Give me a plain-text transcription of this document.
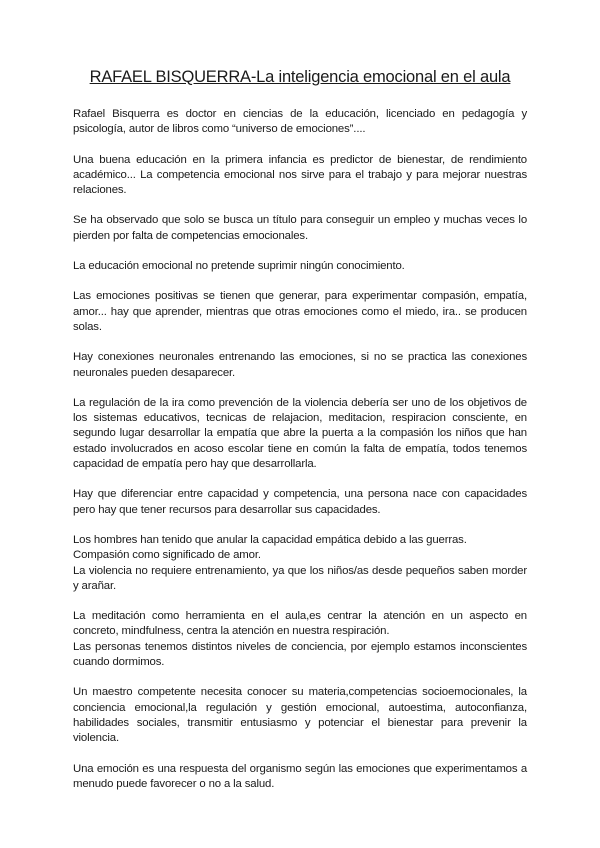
RAFAEL BISQUERRA-La inteligencia emocional en el aula

Rafael Bisquerra es doctor en ciencias de la educación, licenciado en pedagogía y psicología, autor de libros como “universo de emociones”....

Una buena educación en la primera infancia es predictor de bienestar, de rendimiento académico... La competencia emocional nos sirve para el trabajo y para mejorar nuestras relaciones.

Se ha observado que solo se busca un título para conseguir un empleo y muchas veces lo pierden por falta de competencias emocionales.

La educación emocional no pretende suprimir ningún conocimiento.

Las emociones positivas se tienen que generar, para experimentar compasión, empatía, amor... hay que aprender, mientras que otras emociones como el miedo, ira.. se producen solas.

Hay conexiones neuronales entrenando las emociones, si no se practica las conexiones neuronales pueden desaparecer.

La regulación de la ira como prevención de la violencia debería ser uno de los objetivos de los sistemas educativos, tecnicas de relajacion, meditacion, respiracion consciente, en segundo lugar desarrollar la empatía que abre la puerta a la compasión los niños que han estado involucrados en acoso escolar tiene en común la falta de empatía, todos tenemos capacidad de empatía pero hay que desarrollarla.

Hay que diferenciar entre capacidad y competencia, una persona nace con capacidades pero hay que tener recursos para desarrollar sus capacidades.

Los hombres han tenido que anular la capacidad empática debido a las guerras.

Compasión como significado de amor.

La violencia no requiere entrenamiento, ya que los niños/as desde pequeños saben morder y arañar.

La meditación como herramienta en el aula,es centrar la atención en un aspecto en concreto, mindfulness, centra la atención en nuestra respiración.

Las personas tenemos distintos niveles de conciencia, por ejemplo estamos inconscientes cuando dormimos.

Un maestro competente necesita conocer su materia,competencias socioemocionales, la conciencia emocional,la regulación y gestión emocional, autoestima, autoconfianza, habilidades sociales, transmitir entusiasmo y potenciar el bienestar para prevenir la violencia.

Una emoción es una respuesta del organismo según las emociones que experimentamos a menudo puede favorecer o no a la salud.
